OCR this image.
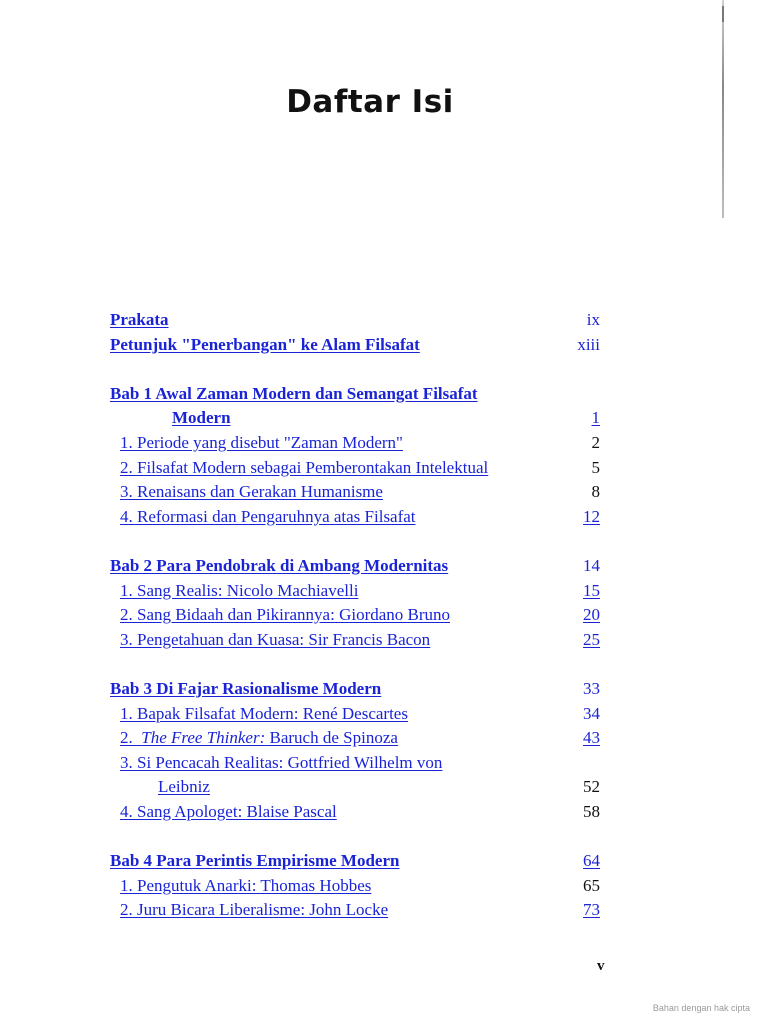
Daftar Isi
Prakata	ix
Petunjuk "Penerbangan" ke Alam Filsafat	xiii
Bab 1 Awal Zaman Modern dan Semangat Filsafat
Modern	1
1. Periode yang disebut "Zaman Modern"	2
2. Filsafat Modern sebagai Pemberontakan Intelektual	5
3. Renaisans dan Gerakan Humanisme	8
4. Reformasi dan Pengaruhnya atas Filsafat	12
Bab 2 Para Pendobrak di Ambang Modernitas	14
1. Sang Realis: Nicolo Machiavelli	15
2. Sang Bidaah dan Pikirannya: Giordano Bruno	20
3. Pengetahuan dan Kuasa: Sir Francis Bacon	25
Bab 3 Di Fajar Rasionalisme Modern	33
1. Bapak Filsafat Modern: René Descartes	34
2.  The Free Thinker: Baruch de Spinoza	43
3. Si Pencacah Realitas: Gottfried Wilhelm von
Leibniz	52
4. Sang Apologet: Blaise Pascal	58
Bab 4 Para Perintis Empirisme Modern	64
1. Pengutuk Anarki: Thomas Hobbes	65
2. Juru Bicara Liberalisme: John Locke	73
v
Bahan dengan hak cipta
